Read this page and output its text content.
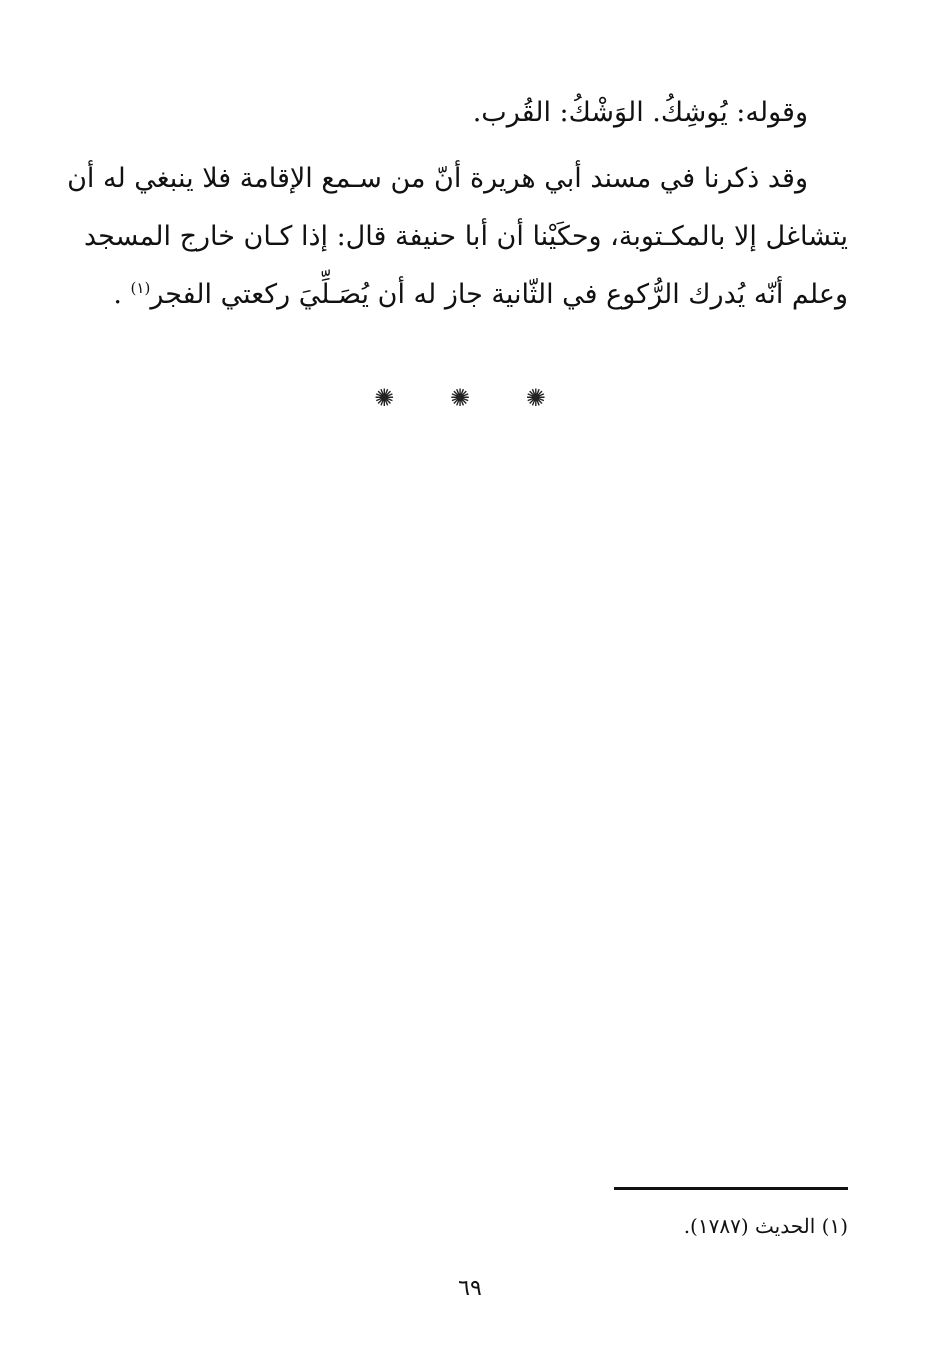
وقوله: يُوشِكُ. الوَشْكُ: القُرب.
وقد ذكرنا في مسند أبي هريرة أنّ من سـمع الإقامة فلا ينبغي له أن
يتشاغل إلا بالمكـتوبة، وحكَيْنا أن أبا حنيفة قال: إذا كـان خارج المسجد
وعلم أنّه يُدرك الرُّكوع في الثّانية جاز له أن يُصَـلِّيَ ركعتي الفجر$^{(١)}$ .
✺ ✺ ✺
(١) الحديث (١٧٨٧).
٦٩
